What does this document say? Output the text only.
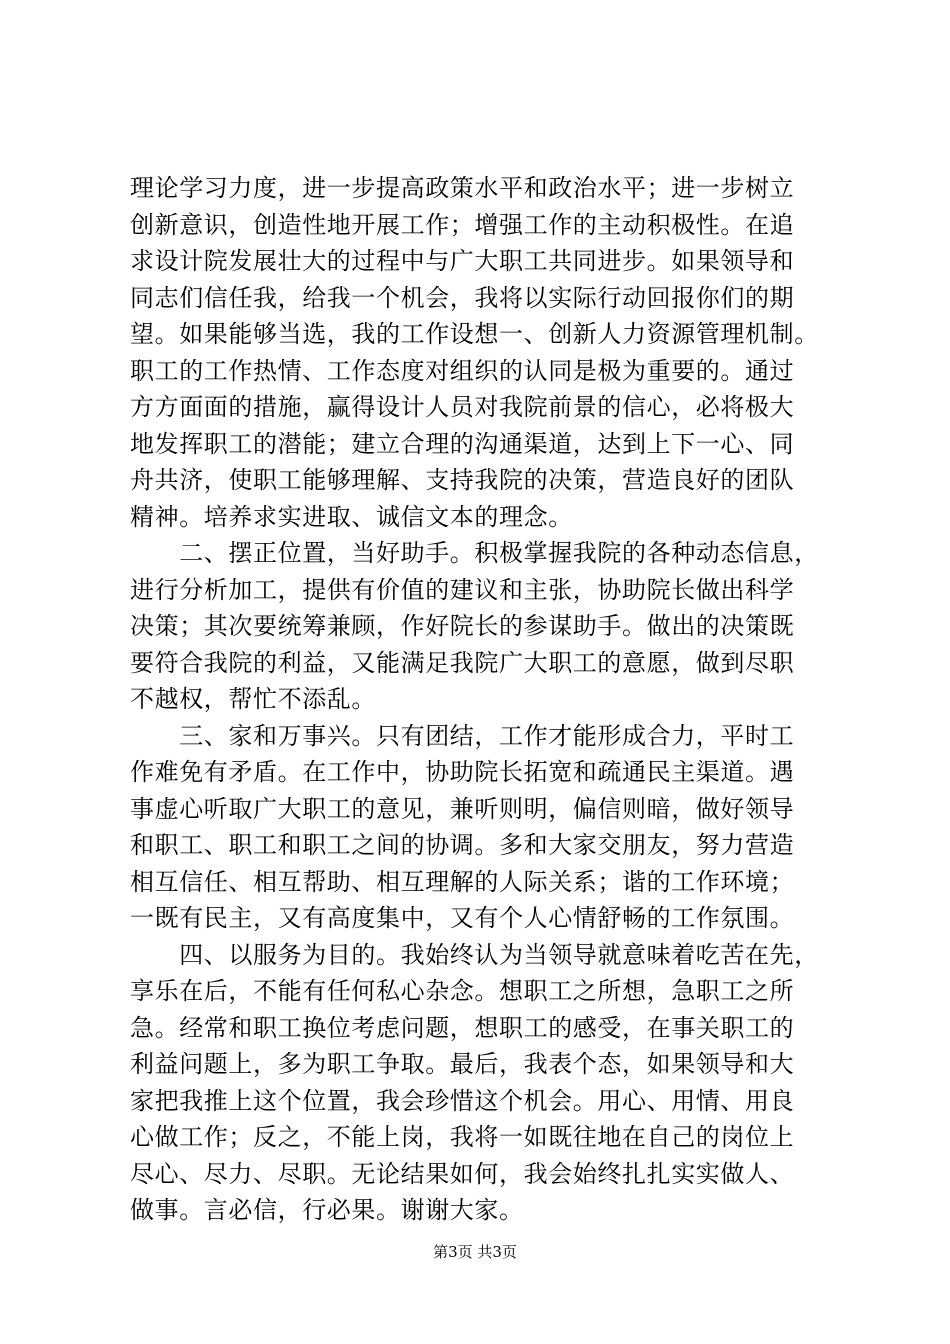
理论学习力度，进一步提高政策水平和政治水平；进一步树立
创新意识，创造性地开展工作；增强工作的主动积极性。在追
求设计院发展壮大的过程中与广大职工共同进步。如果领导和
同志们信任我，给我一个机会，我将以实际行动回报你们的期
望。如果能够当选，我的工作设想一、创新人力资源管理机制。
职工的工作热情、工作态度对组织的认同是极为重要的。通过
方方面面的措施，赢得设计人员对我院前景的信心，必将极大
地发挥职工的潜能；建立合理的沟通渠道，达到上下一心、同
舟共济，使职工能够理解、支持我院的决策，营造良好的团队
精神。培养求实进取、诚信文本的理念。
　　二、摆正位置，当好助手。积极掌握我院的各种动态信息，
进行分析加工，提供有价值的建议和主张，协助院长做出科学
决策；其次要统筹兼顾，作好院长的参谋助手。做出的决策既
要符合我院的利益，又能满足我院广大职工的意愿，做到尽职
不越权，帮忙不添乱。
　　三、家和万事兴。只有团结，工作才能形成合力，平时工
作难免有矛盾。在工作中，协助院长拓宽和疏通民主渠道。遇
事虚心听取广大职工的意见，兼听则明，偏信则暗，做好领导
和职工、职工和职工之间的协调。多和大家交朋友，努力营造
相互信任、相互帮助、相互理解的人际关系；谐的工作环境；
一既有民主，又有高度集中，又有个人心情舒畅的工作氛围。
　　四、以服务为目的。我始终认为当领导就意味着吃苦在先，
享乐在后，不能有任何私心杂念。想职工之所想，急职工之所
急。经常和职工换位考虑问题，想职工的感受，在事关职工的
利益问题上，多为职工争取。最后，我表个态，如果领导和大
家把我推上这个位置，我会珍惜这个机会。用心、用情、用良
心做工作；反之，不能上岗，我将一如既往地在自己的岗位上
尽心、尽力、尽职。无论结果如何，我会始终扎扎实实做人、
做事。言必信，行必果。谢谢大家。
第3页 共3页
